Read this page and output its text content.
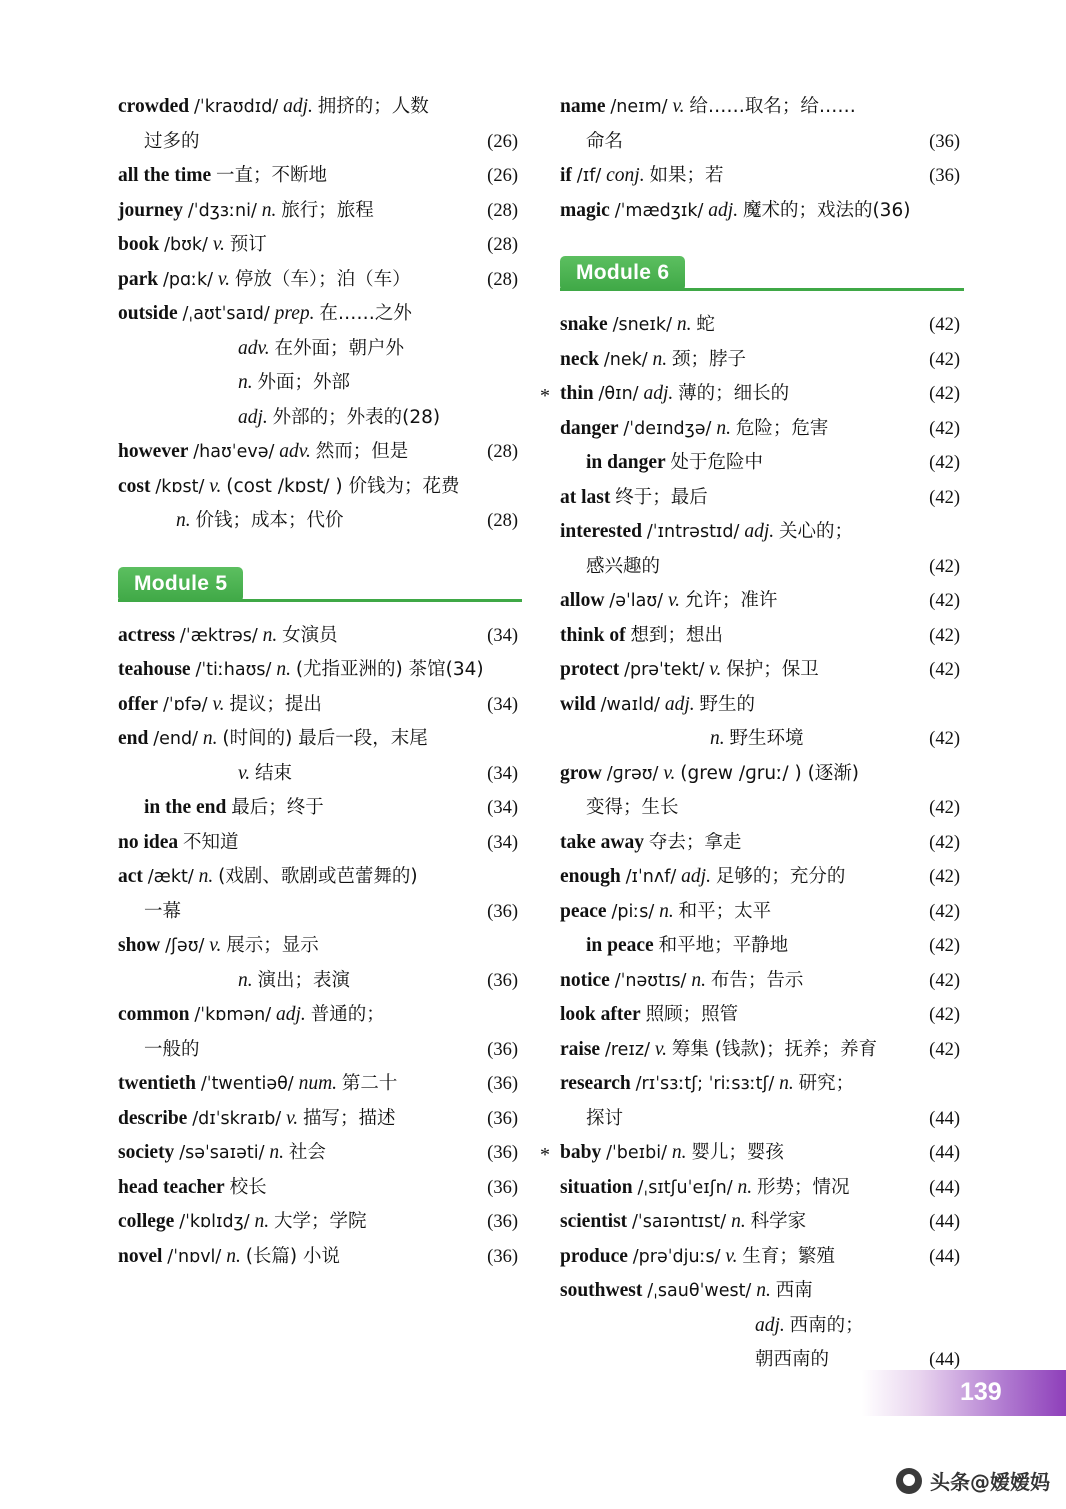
crowded /ˈkraʊdɪd/ adj. 拥挤的；人数
过多的	(26)
all the time 一直；不断地	(26)
journey /ˈdʒɜːni/ n. 旅行；旅程	(28)
book /bʊk/ v. 预订	(28)
park /pɑːk/ v. 停放（车）；泊（车）	(28)
outside /ˌaʊtˈsaɪd/ prep. 在……之外
adv. 在外面；朝户外
n. 外面；外部
adj. 外部的；外表的(28)
however /haʊˈevə/ adv. 然而；但是	(28)
cost /kɒst/ v. (cost /kɒst/ ) 价钱为；花费
n. 价钱；成本；代价	(28)
Module 5
actress /ˈæktrəs/ n. 女演员	(34)
teahouse /ˈtiːhaʊs/ n. (尤指亚洲的) 茶馆(34)
offer /ˈɒfə/ v. 提议；提出	(34)
end /end/ n. (时间的) 最后一段，末尾
v. 结束	(34)
in the end 最后；终于	(34)
no idea 不知道	(34)
act /ækt/ n. (戏剧、歌剧或芭蕾舞的)
一幕	(36)
show /ʃəʊ/ v. 展示；显示
n. 演出；表演	(36)
common /ˈkɒmən/ adj. 普通的；
一般的	(36)
twentieth /ˈtwentiəθ/ num. 第二十	(36)
describe /dɪˈskraɪb/ v. 描写；描述	(36)
society /səˈsaɪəti/ n. 社会	(36)
head teacher 校长	(36)
college /ˈkɒlɪdʒ/ n. 大学；学院	(36)
novel /ˈnɒvl/ n. (长篇) 小说	(36)
name /neɪm/ v. 给……取名；给……
命名	(36)
if /ɪf/ conj. 如果；若	(36)
magic /ˈmædʒɪk/ adj. 魔术的；戏法的(36)
Module 6
snake /sneɪk/ n. 蛇	(42)
neck /nek/ n. 颈；脖子	(42)
* thin /θɪn/ adj. 薄的；细长的	(42)
danger /ˈdeɪndʒə/ n. 危险；危害	(42)
in danger 处于危险中	(42)
at last 终于；最后	(42)
interested /ˈɪntrəstɪd/ adj. 关心的；
感兴趣的	(42)
allow /əˈlaʊ/ v. 允许；准许	(42)
think of 想到；想出	(42)
protect /prəˈtekt/ v. 保护；保卫	(42)
wild /waɪld/ adj. 野生的
n. 野生环境	(42)
grow /ɡrəʊ/ v. (grew /ɡruː/ ) (逐渐)
变得；生长	(42)
take away 夺去；拿走	(42)
enough /ɪˈnʌf/ adj. 足够的；充分的	(42)
peace /piːs/ n. 和平；太平	(42)
in peace 和平地；平静地	(42)
notice /ˈnəʊtɪs/ n. 布告；告示	(42)
look after 照顾；照管	(42)
raise /reɪz/ v. 筹集 (钱款)；抚养；养育	(42)
research /rɪˈsɜːtʃ; ˈriːsɜːtʃ/ n. 研究；
探讨	(44)
* baby /ˈbeɪbi/ n. 婴儿；婴孩	(44)
situation /ˌsɪtʃuˈeɪʃn/ n. 形势；情况	(44)
scientist /ˈsaɪəntɪst/ n. 科学家	(44)
produce /prəˈdjuːs/ v. 生育；繁殖	(44)
southwest /ˌsauθˈwest/ n. 西南
adj. 西南的；
朝西南的	(44)
139
头条@嫒嫒妈
